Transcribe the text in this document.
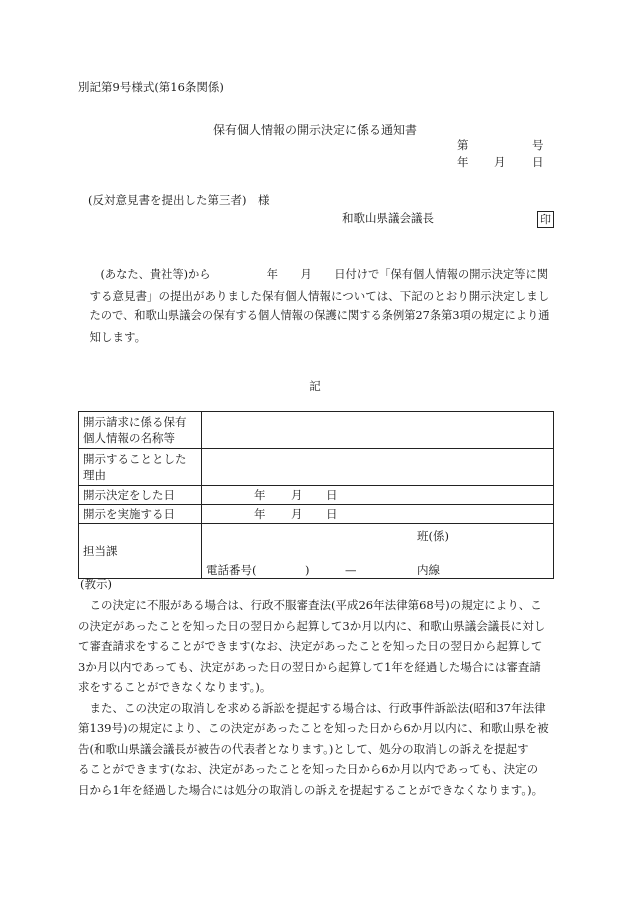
別記第9号様式(第16条関係)
保有個人情報の開示決定に係る通知書
第	号
年 月 日
(反対意見書を提出した第三者)　様
和歌山県議会議長	印
(あなた、貴社等)から　　　　　年　　月　　日付けで「保有個人情報の開示決定等に関
する意見書」の提出がありました保有個人情報については、下記のとおり開示決定しまし
たので、和歌山県議会の保有する個人情報の保護に関する条例第27条第3項の規定により通
知します。
記
開示請求に係る保有
個人情報の名称等	
開示することとした
理由	
開示決定をした日	年 月 日

開示を実施する日	年 月 日

担当課	班(係)
電話番号( ) — 内線
(教示)
　この決定に不服がある場合は、行政不服審査法(平成26年法律第68号)の規定により、こ
の決定があったことを知った日の翌日から起算して3か月以内に、和歌山県議会議長に対し
て審査請求をすることができます(なお、決定があったことを知った日の翌日から起算して
3か月以内であっても、決定があった日の翌日から起算して1年を経過した場合には審査請
求をすることができなくなります。)。
　また、この決定の取消しを求める訴訟を提起する場合は、行政事件訴訟法(昭和37年法律
第139号)の規定により、この決定があったことを知った日から6か月以内に、和歌山県を被
告(和歌山県議会議長が被告の代表者となります。)として、処分の取消しの訴えを提起す
ることができます(なお、決定があったことを知った日から6か月以内であっても、決定の
日から1年を経過した場合には処分の取消しの訴えを提起することができなくなります。)。
